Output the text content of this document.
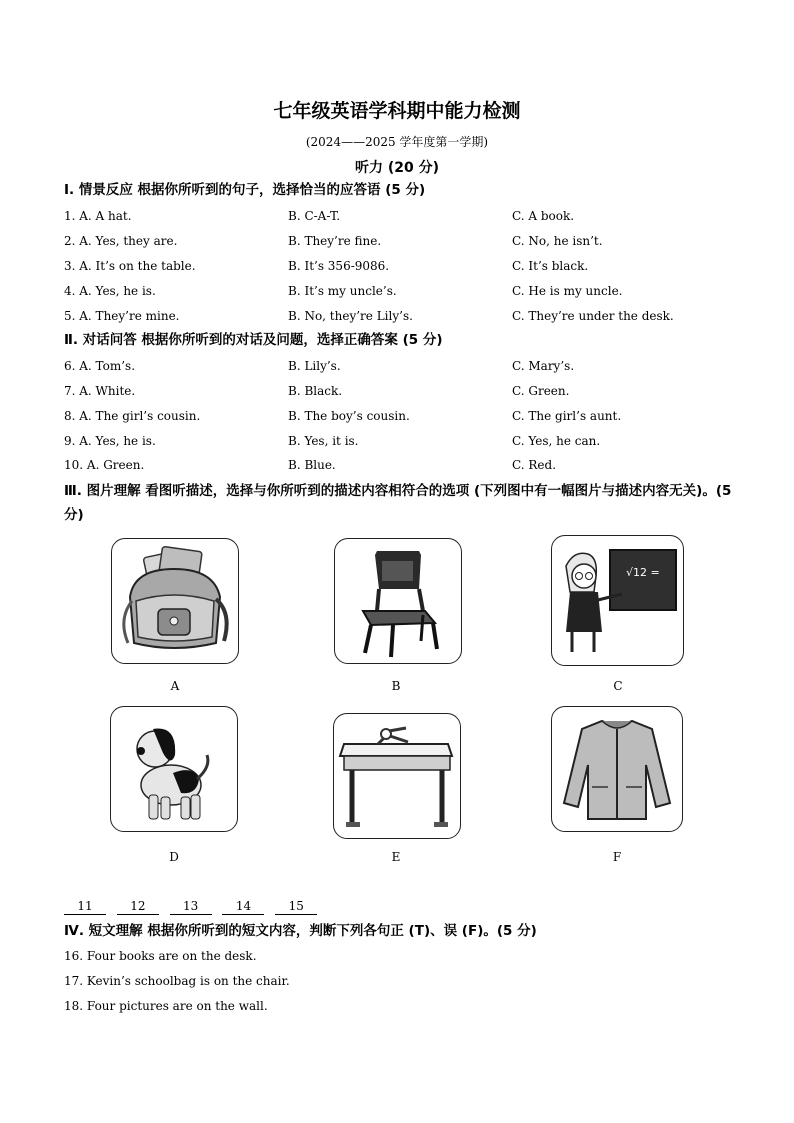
七年级英语学科期中能力检测
(2024——2025 学年度第一学期)
听力 (20 分)
Ⅰ. 情景反应 根据你所听到的句子，选择恰当的应答语 (5 分)
1. A. A hat.	B. C-A-T.	C. A book.
2. A. Yes, they are.	B. They’re fine.	C. No, he isn’t.
3. A. It’s on the table.	B. It’s 356-9086.	C. It’s black.
4. A. Yes, he is.	B. It’s my uncle’s.	C. He is my uncle.
5. A. They’re mine.	B. No, they’re Lily’s.	C. They’re under the desk.
Ⅱ. 对话问答 根据你所听到的对话及问题，选择正确答案 (5 分)
6. A. Tom’s.	B. Lily’s.	C. Mary’s.
7. A. White.	B. Black.	C. Green.
8. A. The girl’s cousin.	B. The boy’s cousin.	C. The girl’s aunt.
9. A. Yes, he is.	B. Yes, it is.	C. Yes, he can.
10. A. Green.	B. Blue.	C. Red.
Ⅲ. 图片理解 看图听描述，选择与你所听到的描述内容相符合的选项 (下列图中有一幅图片与描述内容无关)。(5 分)
√12 =
A	B	C
D	E	F
11	12	13	14	15
Ⅳ. 短文理解 根据你所听到的短文内容，判断下列各句正 (T)、误 (F)。(5 分)
16. Four books are on the desk.
17. Kevin’s schoolbag is on the chair.
18. Four pictures are on the wall.
